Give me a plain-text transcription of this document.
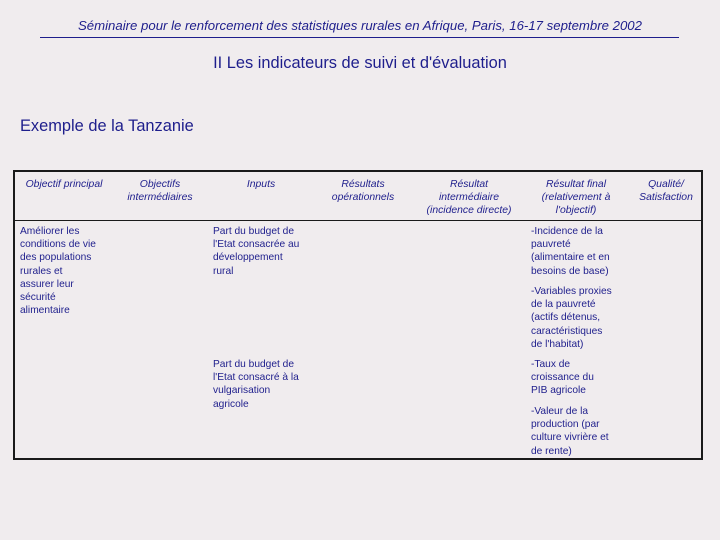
Séminaire pour le renforcement des statistiques rurales en Afrique, Paris, 16-17 septembre 2002
II Les indicateurs de suivi et d'évaluation
Exemple de la Tanzanie
Objectif principal	Objectifs
intermédiaires
Inputs	Résultats
opérationnels
Résultat
intermédiaire
(incidence directe)
Résultat final
(relativement à
l'objectif)
Qualité/
Satisfaction
Améliorer les
conditions de vie
des populations
rurales et
assurer leur
sécurité
alimentaire
Part du budget de
l'Etat consacrée au
développement
rural
Part du budget de
l'Etat consacré à la
vulgarisation
agricole
-Incidence de la
pauvreté
(alimentaire et en
besoins de base)
-Variables proxies
de la pauvreté
(actifs détenus,
caractéristiques
de l'habitat)
-Taux de
croissance du
PIB agricole
-Valeur de la
production (par
culture vivrière et
de rente)
